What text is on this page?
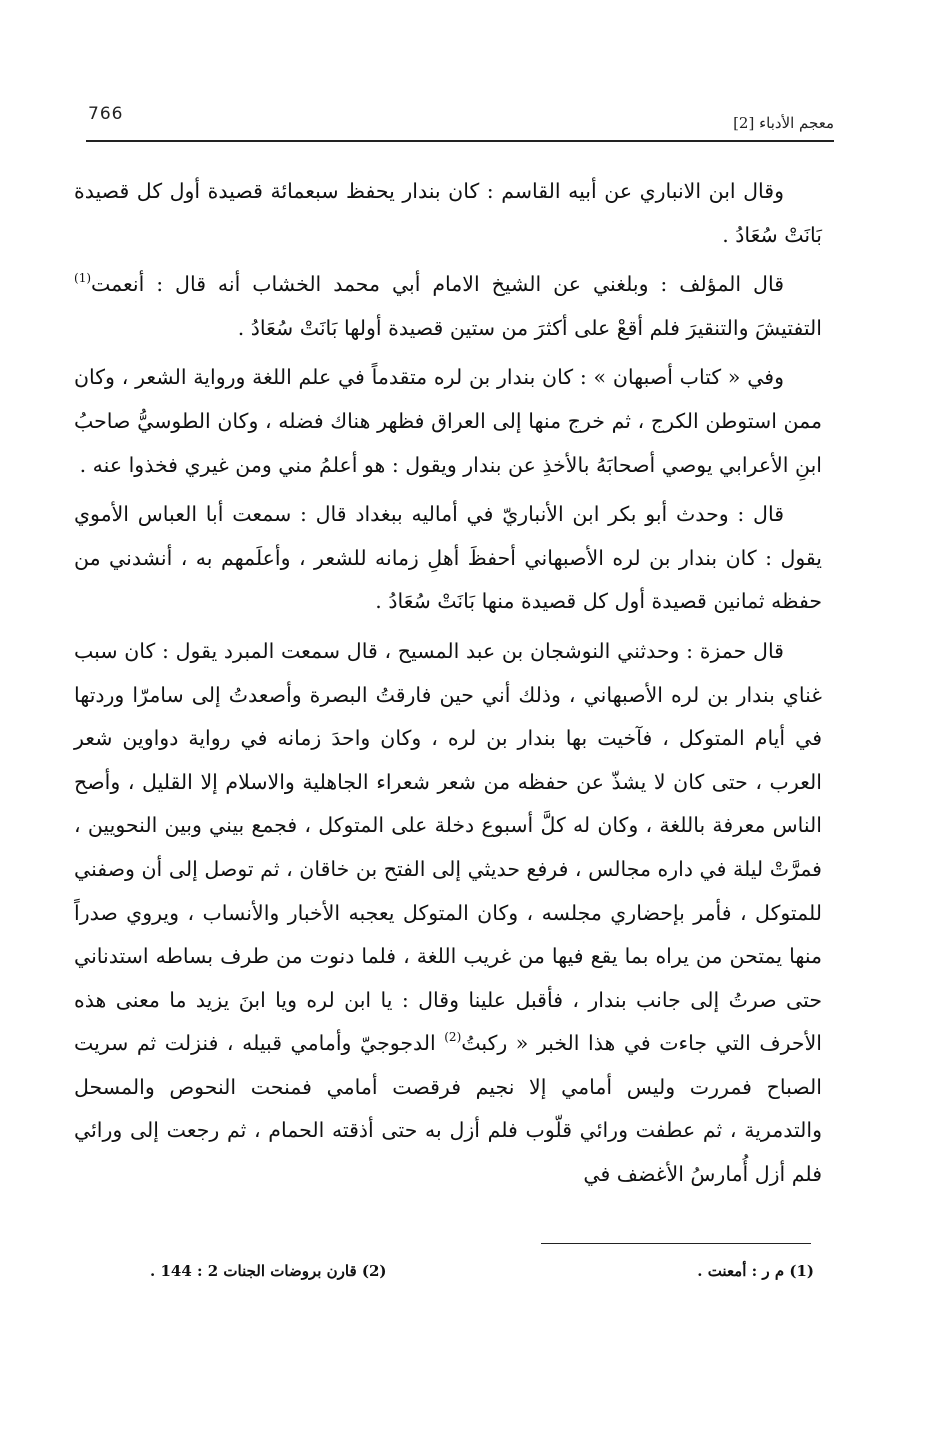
766	معجم الأدباء [2]

وقال ابن الانباري عن أبيه القاسم : كان بندار يحفظ سبعمائة قصيدة أول كل قصيدة بَانَتْ سُعَادُ .

قال المؤلف : وبلغني عن الشيخ الامام أبي محمد الخشاب أنه قال : أنعمت$^{(1)}$ التفتيشَ والتنقيرَ فلم أقعْ على أكثرَ من ستين قصيدة أولها بَانَتْ سُعَادُ .

وفي « كتاب أصبهان » : كان بندار بن لره متقدماً في علم اللغة ورواية الشعر ، وكان ممن استوطن الكرج ، ثم خرج منها إلى العراق فظهر هناك فضله ، وكان الطوسيُّ صاحبُ ابنِ الأعرابي يوصي أصحابَهُ بالأخذِ عن بندار ويقول : هو أعلمُ مني ومن غيري فخذوا عنه .

قال : وحدث أبو بكر ابن الأنباريّ في أماليه ببغداد قال : سمعت أبا العباس الأموي يقول : كان بندار بن لره الأصبهاني أحفظَ أهلِ زمانه للشعر ، وأعلَمهم به ، أنشدني من حفظه ثمانين قصيدة أول كل قصيدة منها بَانَتْ سُعَادُ .

قال حمزة : وحدثني النوشجان بن عبد المسيح ، قال سمعت المبرد يقول : كان سبب غناي بندار بن لره الأصبهاني ، وذلك أني حين فارقتُ البصرة وأصعدتُ إلى سامرّا وردتها في أيام المتوكل ، فآخيت بها بندار بن لره ، وكان واحدَ زمانه في رواية دواوين شعر العرب ، حتى كان لا يشذّ عن حفظه من شعر شعراء الجاهلية والاسلام إلا القليل ، وأصح الناس معرفة باللغة ، وكان له كلَّ أسبوع دخلة على المتوكل ، فجمع بيني وبين النحويين ، فمرَّتْ ليلة في داره مجالس ، فرفع حديثي إلى الفتح بن خاقان ، ثم توصل إلى أن وصفني للمتوكل ، فأمر بإحضاري مجلسه ، وكان المتوكل يعجبه الأخبار والأنساب ، ويروي صدراً منها يمتحن من يراه بما يقع فيها من غريب اللغة ، فلما دنوت من طرف بساطه استدناني حتى صرتُ إلى جانب بندار ، فأقبل علينا وقال : يا ابن لره ويا ابنَ يزيد ما معنى هذه الأحرف التي جاءت في هذا الخبر « ركبتُ$^{(2)}$ الدجوجيّ وأمامي قبيله ، فنزلت ثم سريت الصباح فمررت وليس أمامي إلا نجيم فرقصت أمامي فمنحت النحوص والمسحل والتدمرية ، ثم عطفت ورائي قلّوب فلم أزل به حتى أذقته الحمام ، ثم رجعت إلى ورائي فلم أزل أُمارسُ الأغضف في

(1) م ر : أمعنت .
(2) قارن بروضات الجنات 2 : 144 .
